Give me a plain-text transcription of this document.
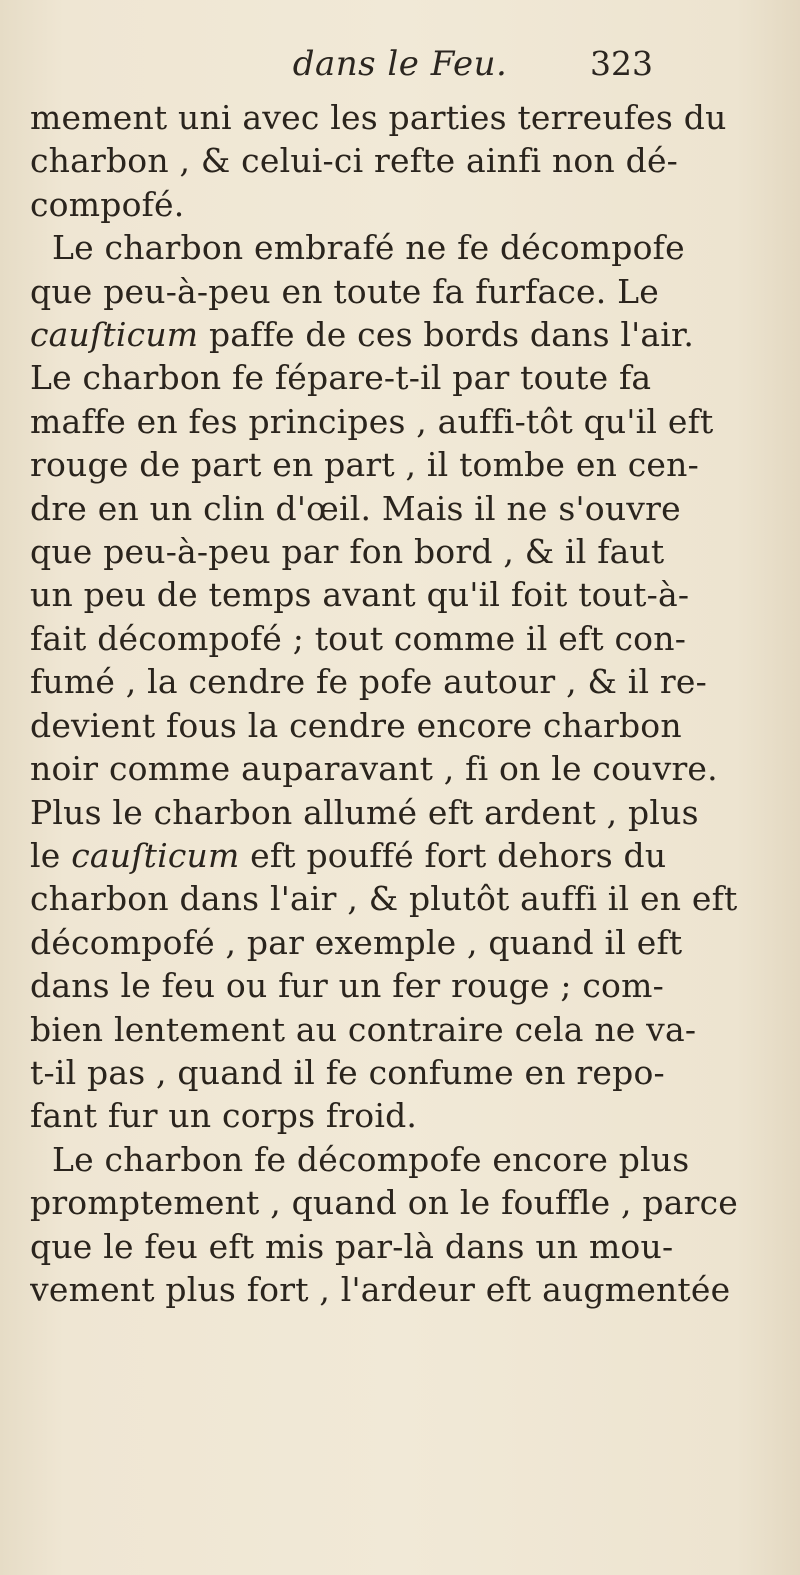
dans le Feu.	323
mement uni avec les parties terreufes du
charbon , & celui-ci refte ainfi non dé-
compofé.
Le charbon embrafé ne fe décompofe
que peu-à-peu en toute fa furface. Le
cauſticum paffe de ces bords dans l'air.
Le charbon fe fépare-t-il par toute fa
maffe en fes principes , auffi-tôt qu'il eft
rouge de part en part , il tombe en cen-
dre en un clin d'œil. Mais il ne s'ouvre
que peu-à-peu par fon bord , & il faut
un peu de temps avant qu'il foit tout-à-
fait décompofé ; tout comme il eft con-
fumé , la cendre fe pofe autour , & il re-
devient fous la cendre encore charbon
noir comme auparavant , fi on le couvre.
Plus le charbon allumé eft ardent , plus
le cauſticum eft pouffé fort dehors du
charbon dans l'air , & plutôt auffi il en eft
décompofé , par exemple , quand il eft
dans le feu ou fur un fer rouge ; com-
bien lentement au contraire cela ne va-
t-il pas , quand il fe confume en repo-
fant fur un corps froid.
Le charbon fe décompofe encore plus
promptement , quand on le fouffle , parce
que le feu eft mis par-là dans un mou-
vement plus fort , l'ardeur eft augmentée
